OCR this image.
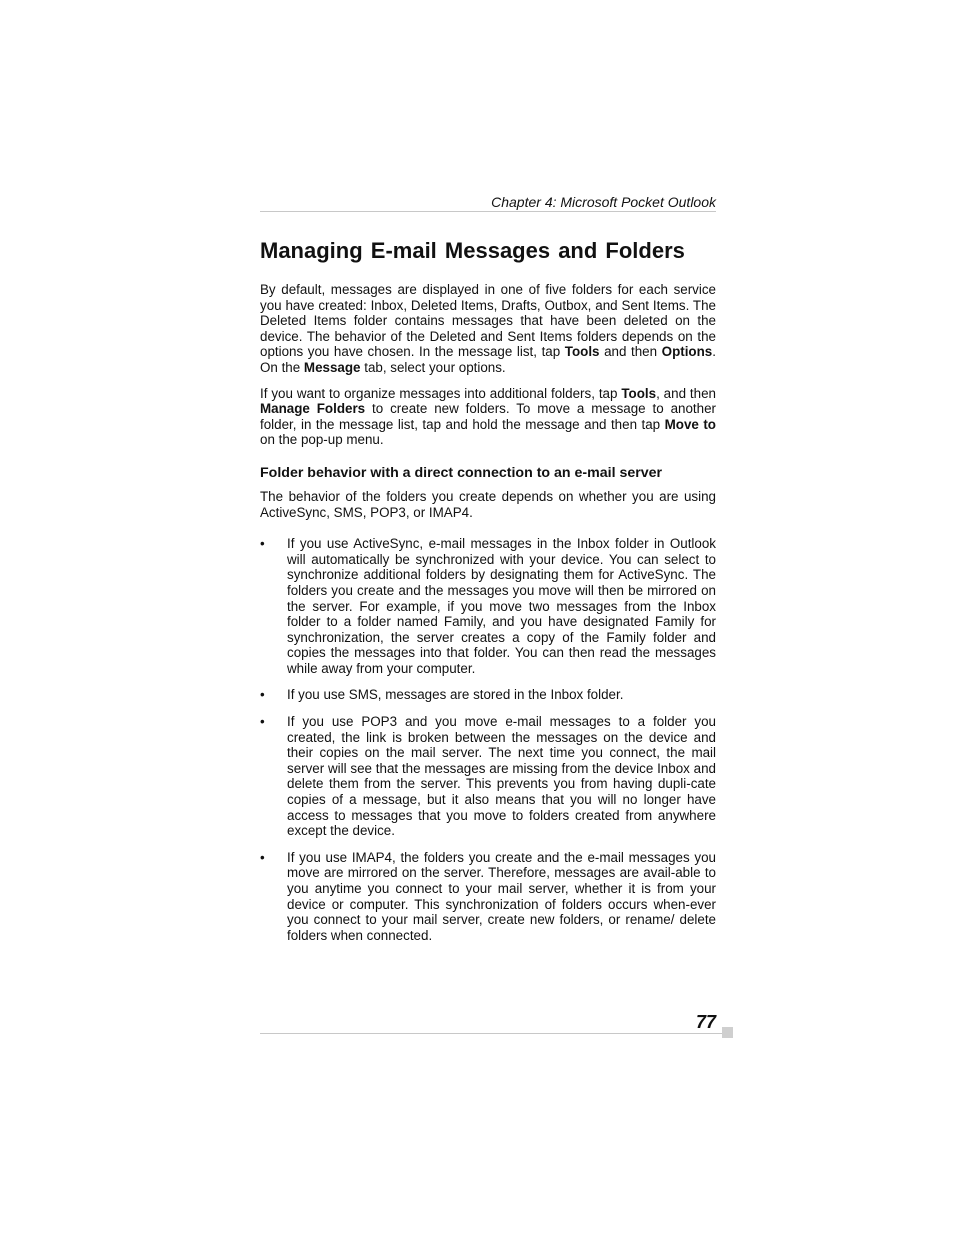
Chapter 4: Microsoft Pocket Outlook
Managing E-mail Messages and Folders

By default, messages are displayed in one of five folders for each service you have created: Inbox, Deleted Items, Drafts, Outbox, and Sent Items. The Deleted Items folder contains messages that have been deleted on the device. The behavior of the Deleted and Sent Items folders depends on the options you have chosen. In the message list, tap Tools and then Options. On the Message tab, select your options.

If you want to organize messages into additional folders, tap Tools, and then Manage Folders to create new folders. To move a message to another folder, in the message list, tap and hold the message and then tap Move to on the pop-up menu.

Folder behavior with a direct connection to an e-mail server

The behavior of the folders you create depends on whether you are using ActiveSync, SMS, POP3, or IMAP4.

• If you use ActiveSync, e-mail messages in the Inbox folder in Outlook will automatically be synchronized with your device. You can select to synchronize additional folders by designating them for ActiveSync. The folders you create and the messages you move will then be mirrored on the server. For example, if you move two messages from the Inbox folder to a folder named Family, and you have designated Family for synchronization, the server creates a copy of the Family folder and copies the messages into that folder. You can then read the messages while away from your computer.
• If you use SMS, messages are stored in the Inbox folder.
• If you use POP3 and you move e-mail messages to a folder you created, the link is broken between the messages on the device and their copies on the mail server. The next time you connect, the mail server will see that the messages are missing from the device Inbox and delete them from the server. This prevents you from having dupli-cate copies of a message, but it also means that you will no longer have access to messages that you move to folders created from anywhere except the device.
• If you use IMAP4, the folders you create and the e-mail messages you move are mirrored on the server. Therefore, messages are avail-able to you anytime you connect to your mail server, whether it is from your device or computer. This synchronization of folders occurs when-ever you connect to your mail server, create new folders, or rename/ delete folders when connected.
77
